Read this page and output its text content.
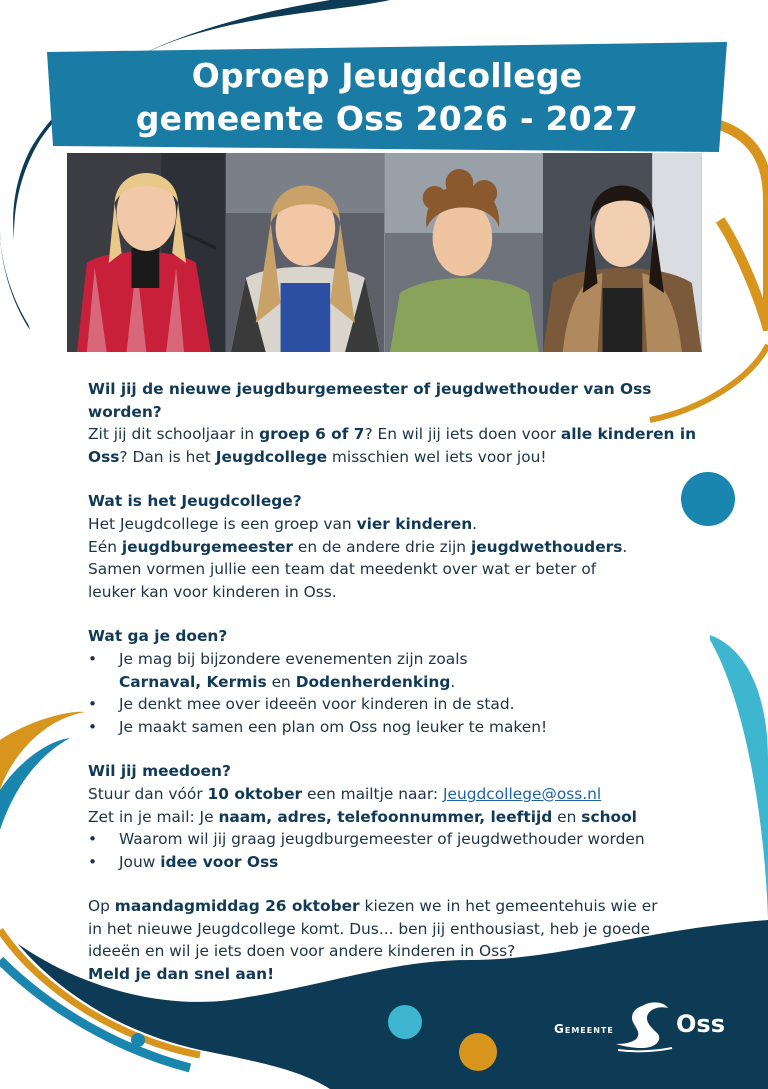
Oproep Jeugdcollege
gemeente Oss 2026 - 2027

Wil jij de nieuwe jeugdburgemeester of jeugdwethouder van Oss worden?
Zit jij dit schooljaar in groep 6 of 7? En wil jij iets doen voor alle kinderen in Oss? Dan is het Jeugdcollege misschien wel iets voor jou!

Wat is het Jeugdcollege?
Het Jeugdcollege is een groep van vier kinderen.
Eén jeugdburgemeester en de andere drie zijn jeugdwethouders.
Samen vormen jullie een team dat meedenkt over wat er beter of leuker kan voor kinderen in Oss.

Wat ga je doen?

• Je mag bij bijzondere evenementen zijn zoals
Carnaval, Kermis en Dodenherdenking.
• Je denkt mee over ideeën voor kinderen in de stad.
• Je maakt samen een plan om Oss nog leuker te maken!

Wil jij meedoen?

Stuur dan vóór 10 oktober een mailtje naar: Jeugdcollege@oss.nl

Zet in je mail: Je naam, adres, telefoonnummer, leeftijd en school

• Waarom wil jij graag jeugdburgemeester of jeugdwethouder worden
• Jouw idee voor Oss

Op maandagmiddag 26 oktober kiezen we in het gemeentehuis wie er in het nieuwe Jeugdcollege komt. Dus... ben jij enthousiast, heb je goede ideeën en wil je iets doen voor andere kinderen in Oss?
Meld je dan snel aan!

Gemeente	Oss
